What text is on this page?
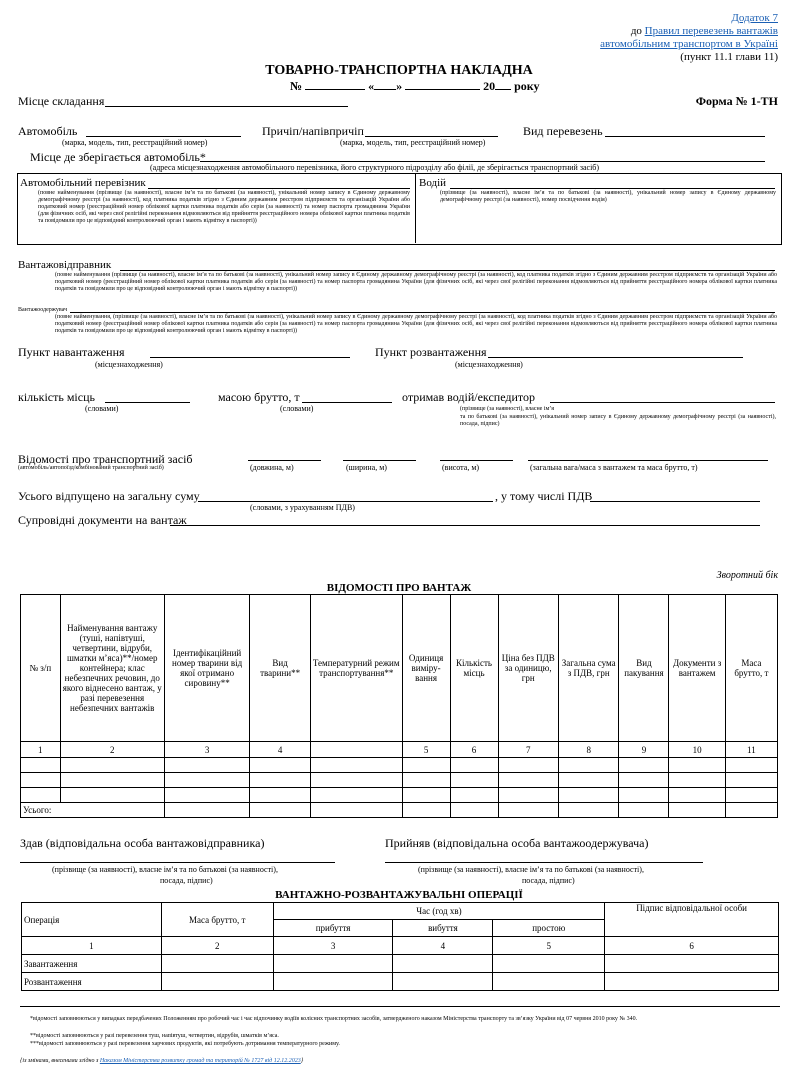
Додаток 7
до Правил перевезень вантажів
автомобільним транспортом в Україні
(пункт 11.1 глави 11)
ТОВАРНО-ТРАНСПОРТНА НАКЛАДНА
№	« »	20 року
Місце складання	Форма № 1-ТН
Автомобіль
(марка, модель, тип, реєстраційний номер)
Причіп/напівпричіп
(марка, модель, тип, реєстраційний номер)
Вид перевезень
Місце де зберігається автомобіль*
(адреса місцезнаходження автомобільного перевізника, його структурного підрозділу або філії, де зберігається транспортний засіб)
Автомобільний перевізник
(повне найменування (прізвище (за наявності), власне ім’я та по батькові (за наявності), унікальний номер запису в Єдиному державному демографічному реєстрі (за наявності), код платника податків згідно з Єдиним державним реєстром підприємств та організацій України або податковий номер (реєстраційний номер облікової картки платника податків або серія (за наявності) та номер паспорта громадянина України (для фізичних осіб, які через свої релігійні переконання відмовляються від прийняття реєстраційного номера облікової картки платника податків та повідомили про це відповідний контролюючий орган і мають відмітку в паспорті))
Водій
(прізвище (за наявності), власне ім’я та по батькові (за наявності), унікальний номер запису в Єдиному державному демографічному реєстрі (за наявності), номер посвідчення водія)
Вантажовідправник
(повне найменування (прізвище (за наявності), власне ім’я та по батькові (за наявності), унікальний номер запису в Єдиному державному демографічному реєстрі (за наявності), код платника податків згідно з Єдиним державним реєстром підприємств та організацій України або податковий номер (реєстраційний номер облікової картки платника податків або серія (за наявності) та номер паспорта громадянина України (для фізичних осіб, які через свої релігійні переконання відмовляються від прийняття реєстраційного номера облікової картки платника податків та повідомили про це відповідний контролюючий орган і мають відмітку в паспорті))
Вантажоодержувач
(повне найменування, (прізвище (за наявності), власне ім’я та по батькові (за наявності), унікальний номер запису в Єдиному державному демографічному реєстрі (за наявності), код платника податків згідно з Єдиним державним реєстром підприємств та організацій України або податковий номер (реєстраційний номер облікової картки платника податків або серія (за наявності) та номер паспорта громадянина України (для фізичних осіб, які через свої релігійні переконання відмовляються від прийняття реєстраційного номера облікової картки платника податків та повідомили про це відповідний контролюючий орган і мають відмітку в паспорті))
Пункт навантаження
(місцезнаходження)
Пункт розвантаження
(місцезнаходження)
кількість місць
(словами)
масою брутто, т
(словами)
отримав водій/експедитор
(прізвище (за наявності), власне ім’я
та по батькові (за наявності), унікальний номер запису в Єдиному державному демографічному реєстрі (за наявності), посада, підпис)
Відомості про транспортний засіб
(автомобіль/автопоїзд/комбінований транспортний засіб)	(довжина, м)	(ширина, м)	(висота, м)	(загальна вага/маса з вантажем та маса брутто, т)
Усього відпущено на загальну суму
(словами, з урахуванням ПДВ)
, у тому числі ПДВ
Супровідні документи на вантаж
Зворотний бік
ВІДОМОСТІ ПРО ВАНТАЖ
№ з/п	Найменування вантажу (туші, напівтуші, четвертини, відруби, шматки м’яса)**/номер контейнера; клас небезпечних речовин, до якого віднесено вантаж, у разі перевезення небезпечних вантажів	Ідентифікаційний номер тварини від якої отримано сировину**	Вид тварини**	Температурний режим транспортування**	Одиниця виміру-вання	Кількість місць	Ціна без ПДВ за одиницю, грн	Загальна сума з ПДВ, грн	Вид пакування	Документи з вантажем	Маса брутто, т
1	2	3	4		5	6	7	8	9	10	11

Усього:											
Здав (відповідальна особа вантажовідправника)
(прізвище (за наявності), власне ім’я та по батькові (за наявності),
посада, підпис)
Прийняв (відповідальна особа вантажоодержувача)
(прізвище (за наявності), власне ім’я та по батькові (за наявності),
посада, підпис)
ВАНТАЖНО-РОЗВАНТАЖУВАЛЬНІ ОПЕРАЦІЇ
Операція	Маса брутто, т	Час (год хв)			Підпис відповідальної особи
		прибуття	вибуття	простою	
1	2	3	4	5	6
Завантаження					
Розвантаження					
*відомості заповнюються у випадках передбачених Положенням про робочий час і час відпочинку водіїв колісних транспортних засобів, затвердженого наказом Міністерства транспорту та зв’язку України від 07 червня 2010 року № 340.
**відомості заповнюються у разі перевезення туш, напівтуш, четвертин, відрубів, шматків м’яса.
***відомості заповнюються у разі перевезення харчових продуктів, які потребують дотримання температурного режиму.
{із змінами, внесеними згідно з Наказом Міністерства розвитку громад та територій № 1727 від 12.12.2023}
